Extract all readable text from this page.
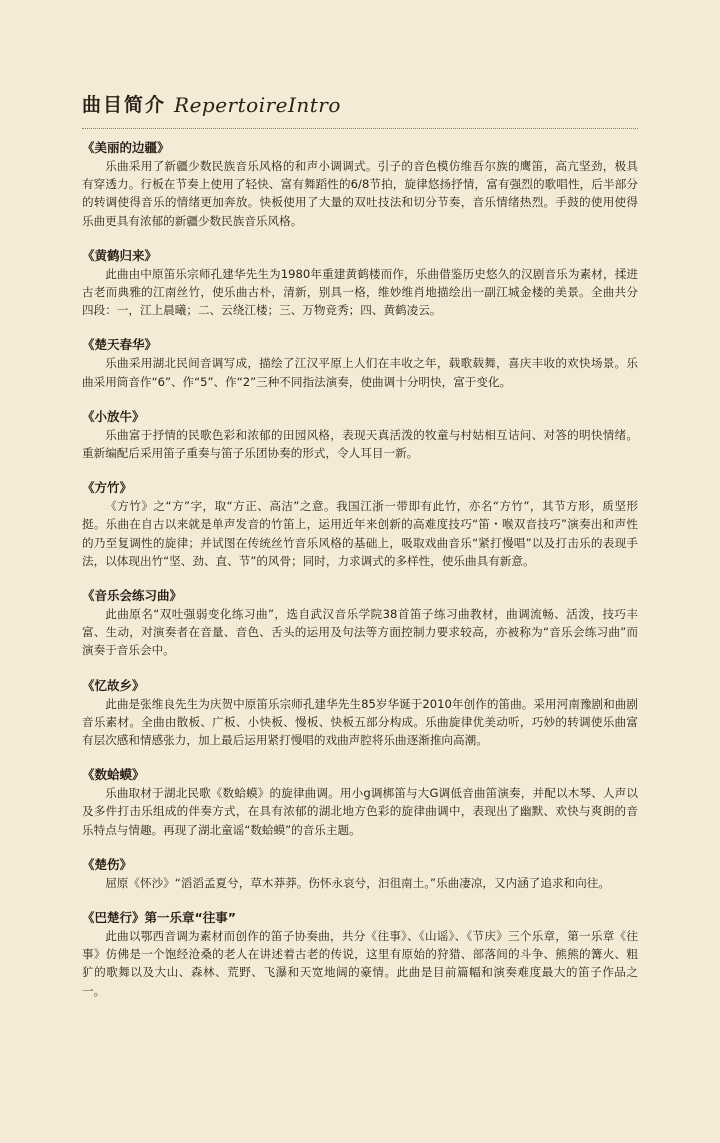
曲目简介 RepertoireIntro
《美丽的边疆》
乐曲采用了新疆少数民族音乐风格的和声小调调式。引子的音色模仿维吾尔族的鹰笛，高亢坚劲，极具有穿透力。行板在节奏上使用了轻快、富有舞蹈性的6/8节拍，旋律悠扬抒情，富有强烈的歌唱性，后半部分的转调使得音乐的情绪更加奔放。快板使用了大量的双吐技法和切分节奏，音乐情绪热烈。手鼓的使用使得乐曲更具有浓郁的新疆少数民族音乐风格。
《黄鹤归来》
此曲由中原笛乐宗师孔建华先生为1980年重建黄鹤楼而作，乐曲借鉴历史悠久的汉剧音乐为素材，揉进古老而典雅的江南丝竹，使乐曲古朴，清新，别具一格，维妙维肖地描绘出一副江城金楼的美景。全曲共分四段：一，江上晨曦；二、云绕江楼；三、万物竞秀；四、黄鹤凌云。
《楚天春华》
乐曲采用湖北民间音调写成，描绘了江汉平原上人们在丰收之年，载歌载舞，喜庆丰收的欢快场景。乐曲采用筒音作“6”、作“5”、作“2”三种不同指法演奏，使曲调十分明快，富于变化。
《小放牛》
乐曲富于抒情的民歌色彩和浓郁的田园风格，表现天真活泼的牧童与村姑相互诘问、对答的明快情绪。重新编配后采用笛子重奏与笛子乐团协奏的形式，令人耳目一新。
《方竹》
《方竹》之“方”字，取“方正、高洁”之意。我国江浙一带即有此竹，亦名“方竹”，其节方形，质坚形挺。乐曲在自古以来就是单声发音的竹笛上，运用近年来创新的高难度技巧“笛・喉双音技巧”演奏出和声性的乃至复调性的旋律；并试图在传统丝竹音乐风格的基础上，吸取戏曲音乐“紧打慢唱”以及打击乐的表现手法，以体现出竹“坚、劲、直、节”的风骨；同时，力求调式的多样性，使乐曲具有新意。
《音乐会练习曲》
此曲原名“双吐强弱变化练习曲”，选自武汉音乐学院38首笛子练习曲教材，曲调流畅、活泼，技巧丰富、生动，对演奏者在音量、音色、舌头的运用及句法等方面控制力要求较高，亦被称为“音乐会练习曲”而演奏于音乐会中。
《忆故乡》
此曲是张维良先生为庆贺中原笛乐宗师孔建华先生85岁华诞于2010年创作的笛曲。采用河南豫剧和曲剧音乐素材。全曲由散板、广板、小快板、慢板、快板五部分构成。乐曲旋律优美动听，巧妙的转调使乐曲富有层次感和情感张力，加上最后运用紧打慢唱的戏曲声腔将乐曲逐渐推向高潮。
《数蛤蟆》
乐曲取材于湖北民歌《数蛤蟆》的旋律曲调。用小g调梆笛与大G调低音曲笛演奏，并配以木琴、人声以及多件打击乐组成的伴奏方式，在具有浓郁的湖北地方色彩的旋律曲调中，表现出了幽默、欢快与爽朗的音乐特点与情趣。再现了湖北童谣“数蛤蟆”的音乐主题。
《楚伤》
屈原《怀沙》“滔滔孟夏兮，草木莽莽。伤怀永哀兮，汩徂南土。”乐曲凄凉，又内涵了追求和向往。
《巴楚行》第一乐章“往事”
此曲以鄂西音调为素材而创作的笛子协奏曲，共分《往事》、《山谣》、《节庆》三个乐章，第一乐章《往事》仿佛是一个饱经沧桑的老人在讲述着古老的传说，这里有原始的狩猎、部落间的斗争、熊熊的篝火、粗犷的歌舞以及大山、森林、荒野、飞瀑和天宽地阔的豪情。此曲是目前篇幅和演奏难度最大的笛子作品之一。
